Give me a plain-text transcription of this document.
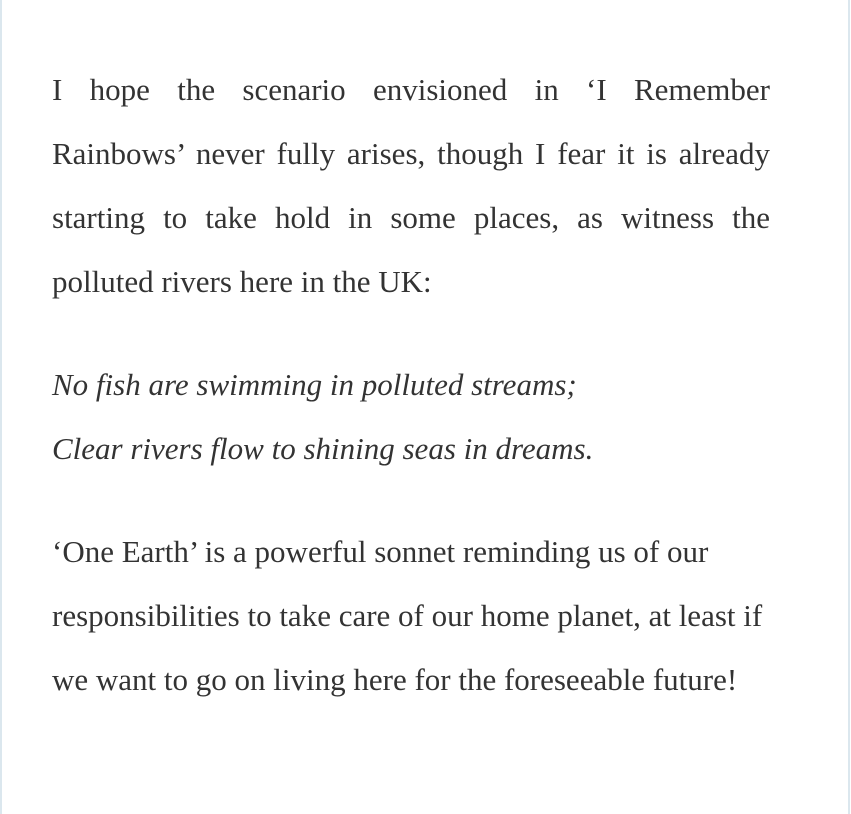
I hope the scenario envisioned in ‘I Remember Rainbows’ never fully arises, though I fear it is already starting to take hold in some places, as witness the polluted rivers here in the UK:

No fish are swimming in polluted streams;
Clear rivers flow to shining seas in dreams.

‘One Earth’ is a powerful sonnet reminding us of our responsibilities to take care of our home planet, at least if we want to go on living here for the foreseeable future!
